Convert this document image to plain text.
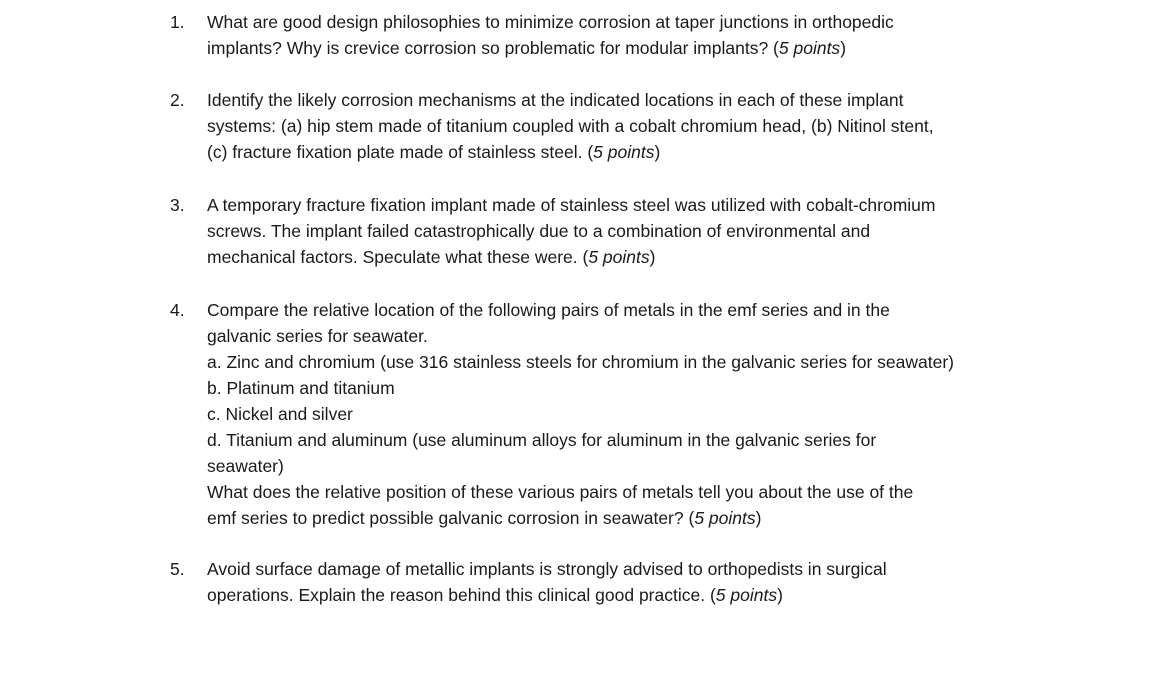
1.	What are good design philosophies to minimize corrosion at taper junctions in orthopedic
implants? Why is crevice corrosion so problematic for modular implants? (5 points)
2.	Identify the likely corrosion mechanisms at the indicated locations in each of these implant
systems: (a) hip stem made of titanium coupled with a cobalt chromium head, (b) Nitinol stent,
(c) fracture fixation plate made of stainless steel. (5 points)
3.	A temporary fracture fixation implant made of stainless steel was utilized with cobalt-chromium
screws. The implant failed catastrophically due to a combination of environmental and
mechanical factors. Speculate what these were. (5 points)
4.	Compare the relative location of the following pairs of metals in the emf series and in the
galvanic series for seawater.
a. Zinc and chromium (use 316 stainless steels for chromium in the galvanic series for seawater)
b. Platinum and titanium
c. Nickel and silver
d. Titanium and aluminum (use aluminum alloys for aluminum in the galvanic series for
seawater)
What does the relative position of these various pairs of metals tell you about the use of the
emf series to predict possible galvanic corrosion in seawater? (5 points)
5.	Avoid surface damage of metallic implants is strongly advised to orthopedists in surgical
operations. Explain the reason behind this clinical good practice. (5 points)
